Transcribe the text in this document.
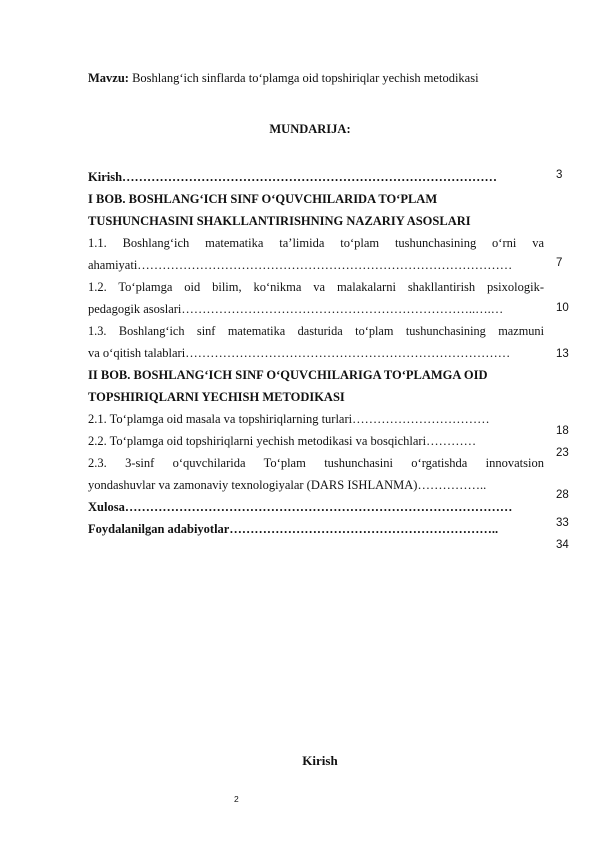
Mavzu: Boshlang‘ich sinflarda to‘plamga oid topshiriqlar yechish metodikasi
MUNDARIJA:
Kirish………………………………………………………………………………
I BOB. BOSHLANG‘ICH SINF O‘QUVCHILARIDA TO‘PLAM
TUSHUNCHASINI SHAKLLANTIRISHNING NAZARIY ASOSLARI
1.1. Boshlang‘ich matematika ta’limida to‘plam tushunchasining o‘rni va
ahamiyati………………………………………………………………………………
1.2. To‘plamga oid bilim, ko‘nikma va malakalarni shakllantirish psixologik-
pedagogik asoslari……………………………………………………………..….…
1.3. Boshlang‘ich sinf matematika dasturida to‘plam tushunchasining mazmuni
va o‘qitish talablari……………………………………………………………………
II BOB. BOSHLANG‘ICH SINF O‘QUVCHILARIGA TO‘PLAMGA OID
TOPSHIRIQLARNI YECHISH METODIKASI
2.1. To‘plamga oid masala va topshiriqlarning turlari……………………………
2.2. To‘plamga oid topshiriqlarni yechish metodikasi va bosqichlari…………
2.3. 3-sinf o‘quvchilarida To‘plam tushunchasini o‘rgatishda innovatsion
yondashuvlar va zamonaviy texnologiyalar (DARS ISHLANMA)……………..
Xulosa…………………………………………………………………………………
Foydalanilgan adabiyotlar………………………………………………………..
3
7
10
13
18
23
28
33
34
Kirish
2
